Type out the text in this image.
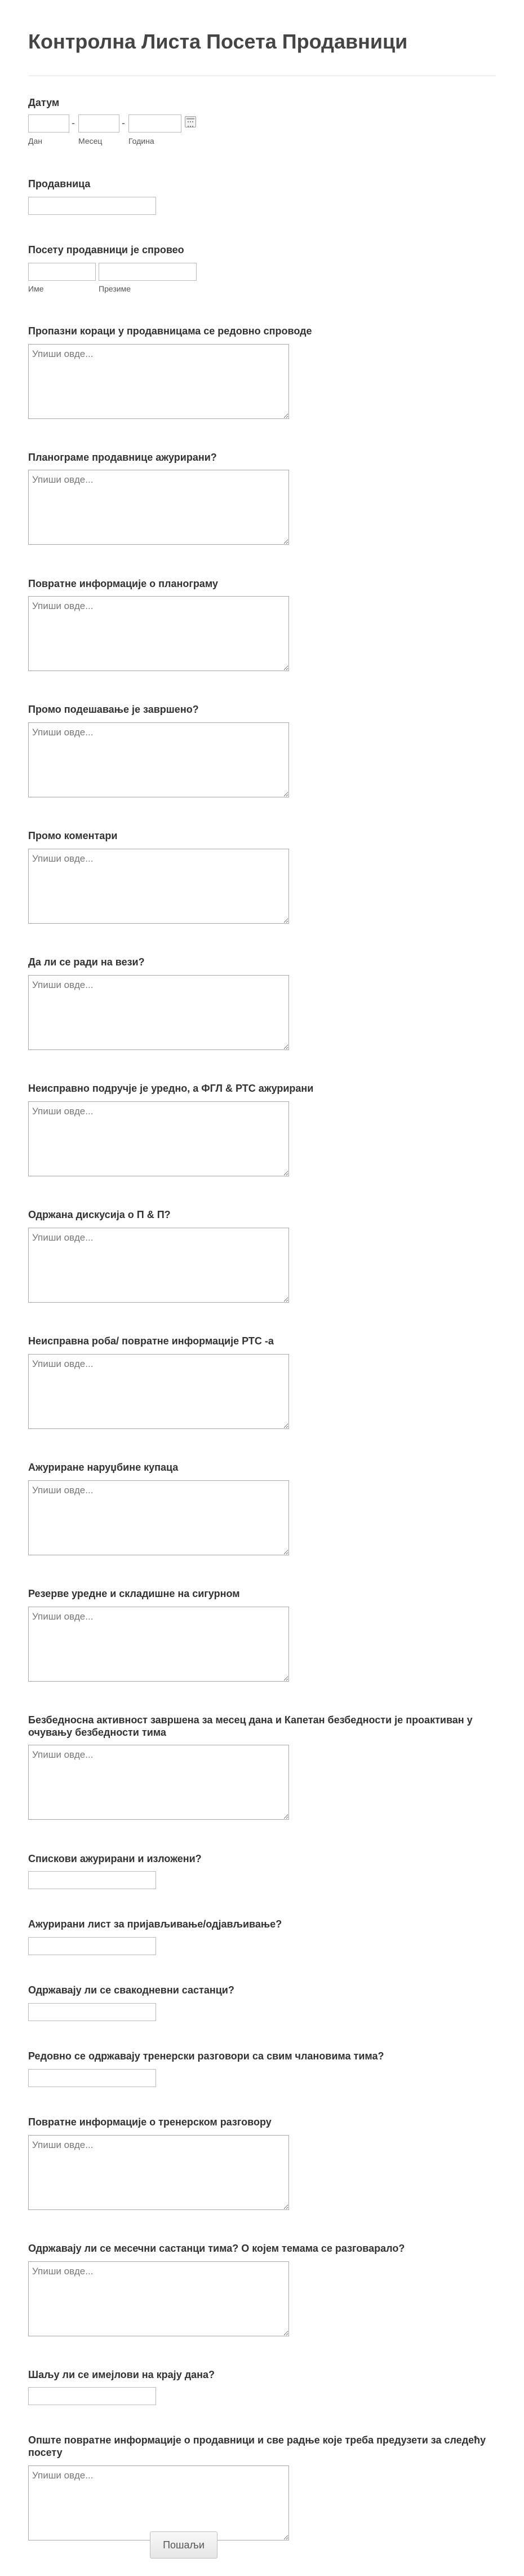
Контролна Листа Посета Продавници
Датум
-	-
Дан	Месец	Година
Продавница
Посету продавници је спровео
Име	Презиме
Пропазни кораци у продавницама се редовно спроводе
Упиши овде...
Планограме продавнице ажурирани?
Упиши овде...
Повратне информације о планограму
Упиши овде...
Промо подешавање је завршено?
Упиши овде...
Промо коментари
Упиши овде...
Да ли се ради на вези?
Упиши овде...
Неисправно подручје је уредно, а ФГЛ & РТС ажурирани
Упиши овде...
Одржана дискусија о П & П?
Упиши овде...
Неисправна роба/ повратне информације РТС -а
Упиши овде...
Ажуриране наруџбине купаца
Упиши овде...
Резерве уредне и складишне на сигурном
Упиши овде...
Безбедносна активност завршена за месец дана и Капетан безбедности је проактиван у очувању безбедности тима
Упиши овде...
Спискови ажурирани и изложени?
Ажурирани лист за пријављивање/одјављивање?
Одржавају ли се свакодневни састанци?
Редовно се одржавају тренерски разговори са свим члановима тима?
Повратне информације о тренерском разговору
Упиши овде...
Одржавају ли се месечни састанци тима? О којем темама се разговарало?
Упиши овде...
Шаљу ли се имејлови на крају дана?
Опште повратне информације о продавници и све радње које треба предузети за следећу посету
Упиши овде...
Пошаљи
